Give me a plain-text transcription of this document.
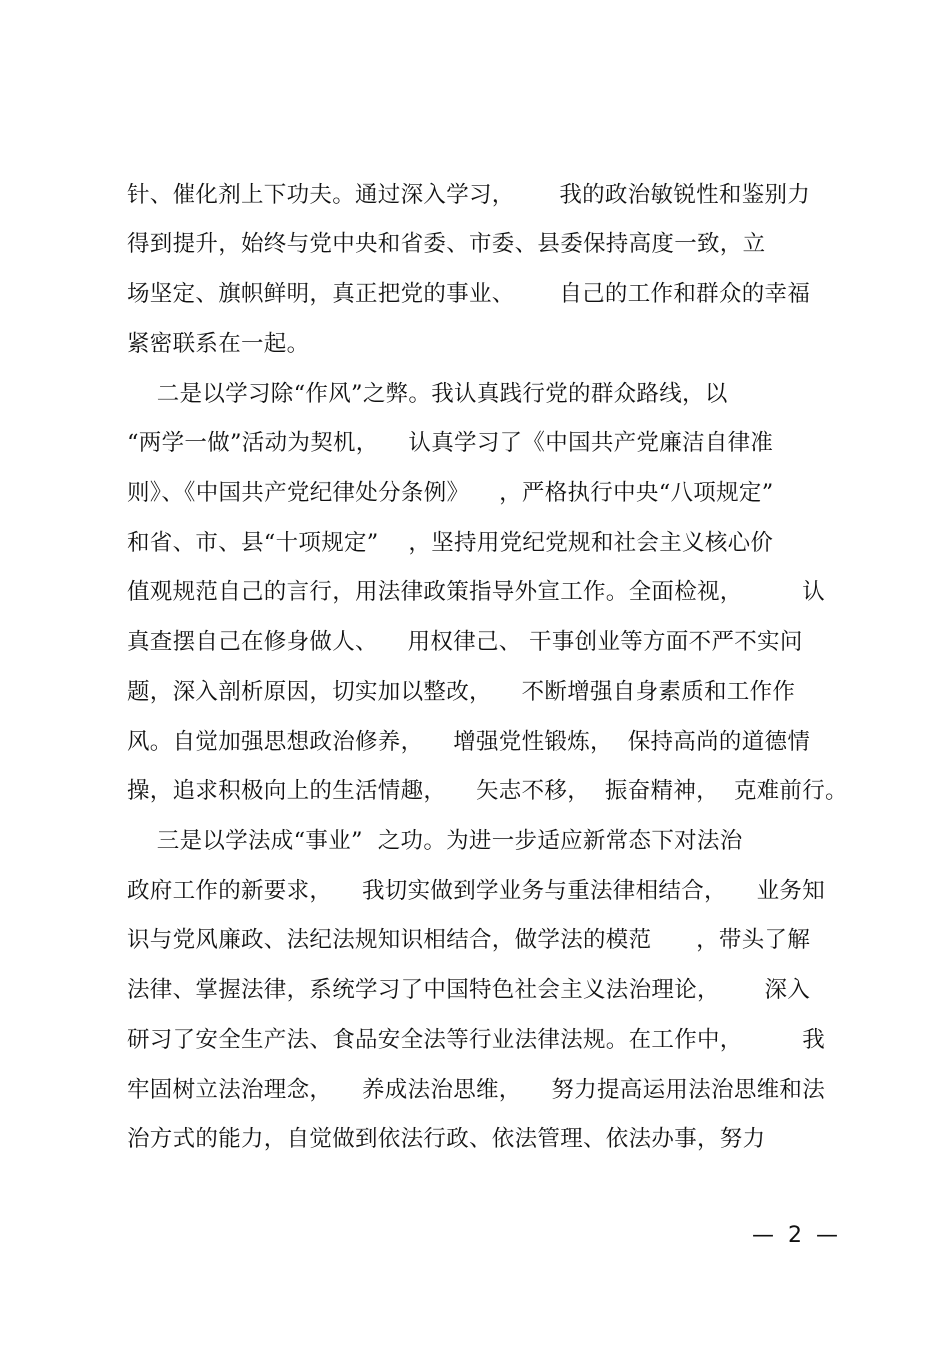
针、催化剂上下功夫。通过深入学习，      我的政治敏锐性和鉴别力
得到提升，始终与党中央和省委、市委、县委保持高度一致，立
场坚定、旗帜鲜明，真正把党的事业、      自己的工作和群众的幸福
紧密联系在一起。
二是以学习除“作风”之弊。我认真践行党的群众路线，以
“两学一做”活动为契机，    认真学习了《中国共产党廉洁自律准
则》、《中国共产党纪律处分条例》    ，严格执行中央“八项规定”
和省、市、县“十项规定”    ，坚持用党纪党规和社会主义核心价
值观规范自己的言行，用法律政策指导外宣工作。全面检视，        认
真查摆自己在修身做人、    用权律己、 干事创业等方面不严不实问
题，深入剖析原因，切实加以整改，    不断增强自身素质和工作作
风。自觉加强思想政治修养，    增强党性锻炼，  保持高尚的道德情
操，追求积极向上的生活情趣，    矢志不移，  振奋精神，  克难前行。
三是以学法成“事业”  之功。为进一步适应新常态下对法治
政府工作的新要求，    我切实做到学业务与重法律相结合，    业务知
识与党风廉政、法纪法规知识相结合，做学法的模范      ，带头了解
法律、掌握法律，系统学习了中国特色社会主义法治理论，      深入
研习了安全生产法、食品安全法等行业法律法规。在工作中，        我
牢固树立法治理念，    养成法治思维，    努力提高运用法治思维和法
治方式的能力，自觉做到依法行政、依法管理、依法办事，努力
—  2  —
